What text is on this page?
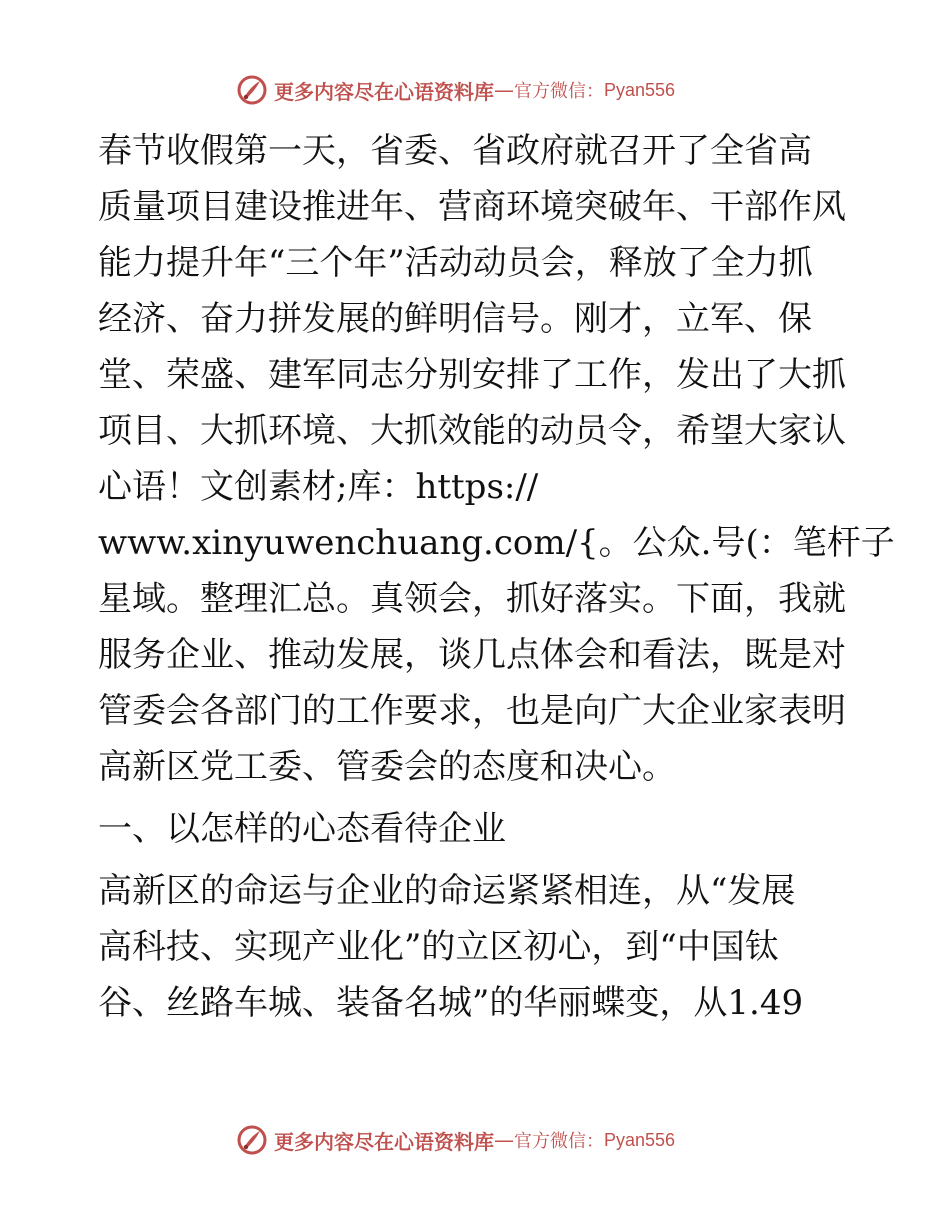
更多内容尽在心语资料库 — 官方微信： Pyan556
春节收假第一天，省委、省政府就召开了全省高
质量项目建设推进年、营商环境突破年、干部作风
能力提升年“三个年”活动动员会，释放了全力抓
经济、奋力拼发展的鲜明信号。刚才，立军、保
堂、荣盛、建军同志分别安排了工作，发出了大抓
项目、大抓环境、大抓效能的动员令，希望大家认
心语！文创素材;库：https://
www.xinyuwenchuang.com/{。公众.号(：笔杆子
星域。整理汇总。真领会，抓好落实。下面，我就
服务企业、推动发展，谈几点体会和看法，既是对
管委会各部门的工作要求，也是向广大企业家表明
高新区党工委、管委会的态度和决心。
一、以怎样的心态看待企业
高新区的命运与企业的命运紧紧相连，从“发展
高科技、实现产业化”的立区初心，到“中国钛
谷、丝路车城、装备名城”的华丽蝶变，从1.49
更多内容尽在心语资料库 — 官方微信： Pyan556
